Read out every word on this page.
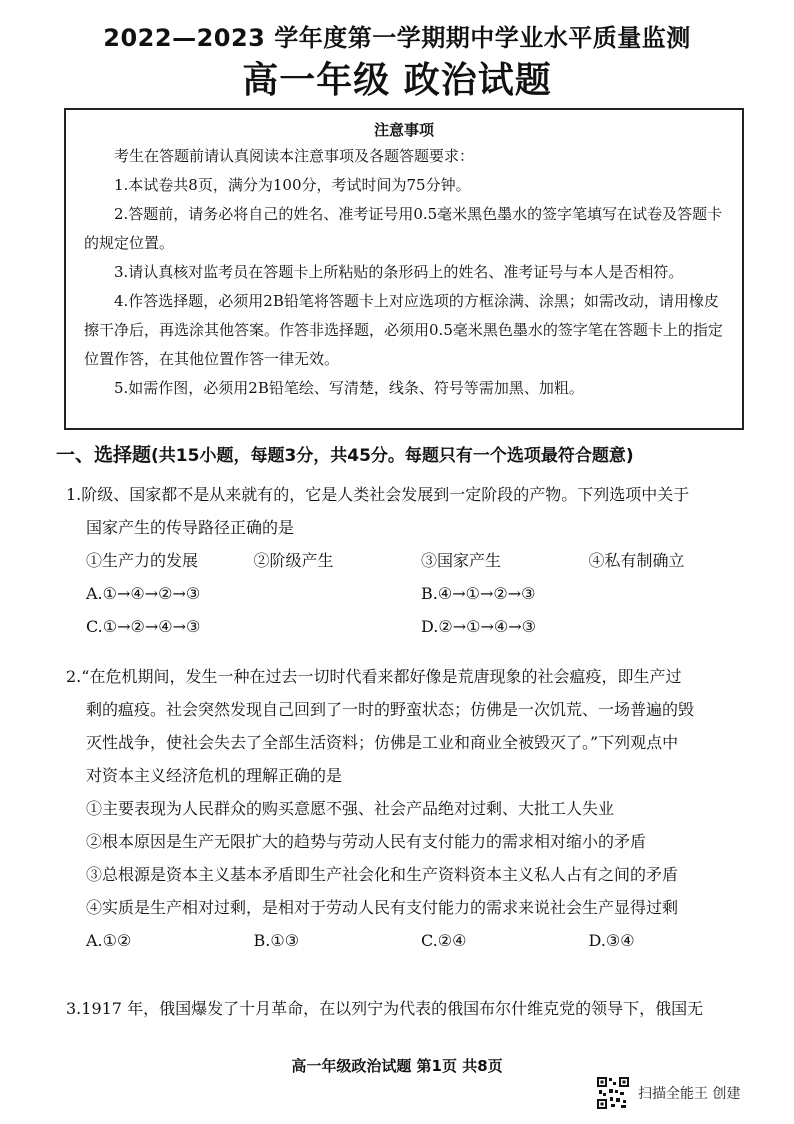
2022—2023 学年度第一学期期中学业水平质量监测
高一年级 政治试题
注意事项

考生在答题前请认真阅读本注意事项及各题答题要求：

1.本试卷共8页，满分为100分，考试时间为75分钟。

2.答题前，请务必将自己的姓名、准考证号用0.5毫米黑色墨水的签字笔填写在试卷及答题卡的规定位置。

3.请认真核对监考员在答题卡上所粘贴的条形码上的姓名、准考证号与本人是否相符。

4.作答选择题，必须用2B铅笔将答题卡上对应选项的方框涂满、涂黑；如需改动，请用橡皮擦干净后，再选涂其他答案。作答非选择题，必须用0.5毫米黑色墨水的签字笔在答题卡上的指定位置作答，在其他位置作答一律无效。

5.如需作图，必须用2B铅笔绘、写清楚，线条、符号等需加黑、加粗。

一、选择题(共15小题，每题3分，共45分。每题只有一个选项最符合题意)

1.阶级、国家都不是从来就有的，它是人类社会发展到一定阶段的产物。下列选项中关于

国家产生的传导路径正确的是

①生产力的发展	②阶级产生	③国家产生	④私有制确立
A.①→④→②→③	B.④→①→②→③
C.①→②→④→③	D.②→①→④→③

2.“在危机期间，发生一种在过去一切时代看来都好像是荒唐现象的社会瘟疫，即生产过

剩的瘟疫。社会突然发现自己回到了一时的野蛮状态；仿佛是一次饥荒、一场普遍的毁

灭性战争，使社会失去了全部生活资料；仿佛是工业和商业全被毁灭了。”下列观点中

对资本主义经济危机的理解正确的是

①主要表现为人民群众的购买意愿不强、社会产品绝对过剩、大批工人失业

②根本原因是生产无限扩大的趋势与劳动人民有支付能力的需求相对缩小的矛盾

③总根源是资本主义基本矛盾即生产社会化和生产资料资本主义私人占有之间的矛盾

④实质是生产相对过剩，是相对于劳动人民有支付能力的需求来说社会生产显得过剩

A.①②	B.①③	C.②④	D.③④

3.1917 年，俄国爆发了十月革命，在以列宁为代表的俄国布尔什维克党的领导下，俄国无

高一年级政治试题 第1页 共8页
扫描全能王 创建
